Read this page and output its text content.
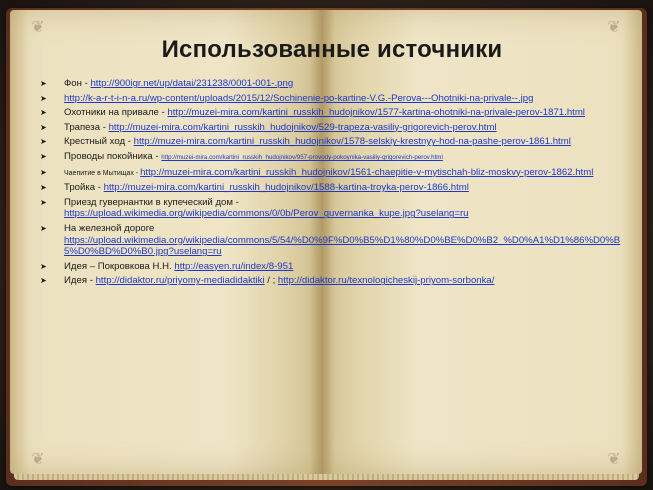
❦	❦
❦	❦
Использованные источники
➤ Фон - http://900igr.net/up/datai/231238/0001-001-.png
➤ http://k-a-r-t-i-n-a.ru/wp-content/uploads/2015/12/Sochinenie-po-kartine-V.G.-Perova---Ohotniki-na-privale--.jpg
➤ Охотники на привале - http://muzei-mira.com/kartini_russkih_hudojnikov/1577-kartina-ohotniki-na-privale-perov-1871.html
➤ Трапеза - http://muzei-mira.com/kartini_russkih_hudojnikov/529-trapeza-vasiliy-grigorevich-perov.html
➤ Крестный ход - http://muzei-mira.com/kartini_russkih_hudojnikov/1578-selskiy-krestnyy-hod-na-pashe-perov-1861.html
➤ Проводы покойника - http://muzei-mira.com/kartini_russkih_hudojnikov/957-provody-pokoynika-vasiliy-grigorevich-perov.html
➤ Чаепитие в Мытищах - http://muzei-mira.com/kartini_russkih_hudojnikov/1561-chaepitie-v-mytischah-bliz-moskvy-perov-1862.html
➤ Тройка - http://muzei-mira.com/kartini_russkih_hudojnikov/1588-kartina-troyka-perov-1866.html
➤ Приезд гувернантки в купеческий дом -
https://upload.wikimedia.org/wikipedia/commons/0/0b/Perov_guvernanka_kupe.jpg?uselang=ru
➤ На железной дороге
https://upload.wikimedia.org/wikipedia/commons/5/54/%D0%9F%D0%B5%D1%80%D0%BE%D0%B2_%D0%A1%D1%86%D0%B5%D0%BD%D0%B0.jpg?uselang=ru
➤ Идея – Покровкова Н.Н. http://easyen.ru/index/8-951
➤ Идея - http://didaktor.ru/priyomy-mediadidaktiki / ; http://didaktor.ru/texnologicheskij-priyom-sorbonka/
